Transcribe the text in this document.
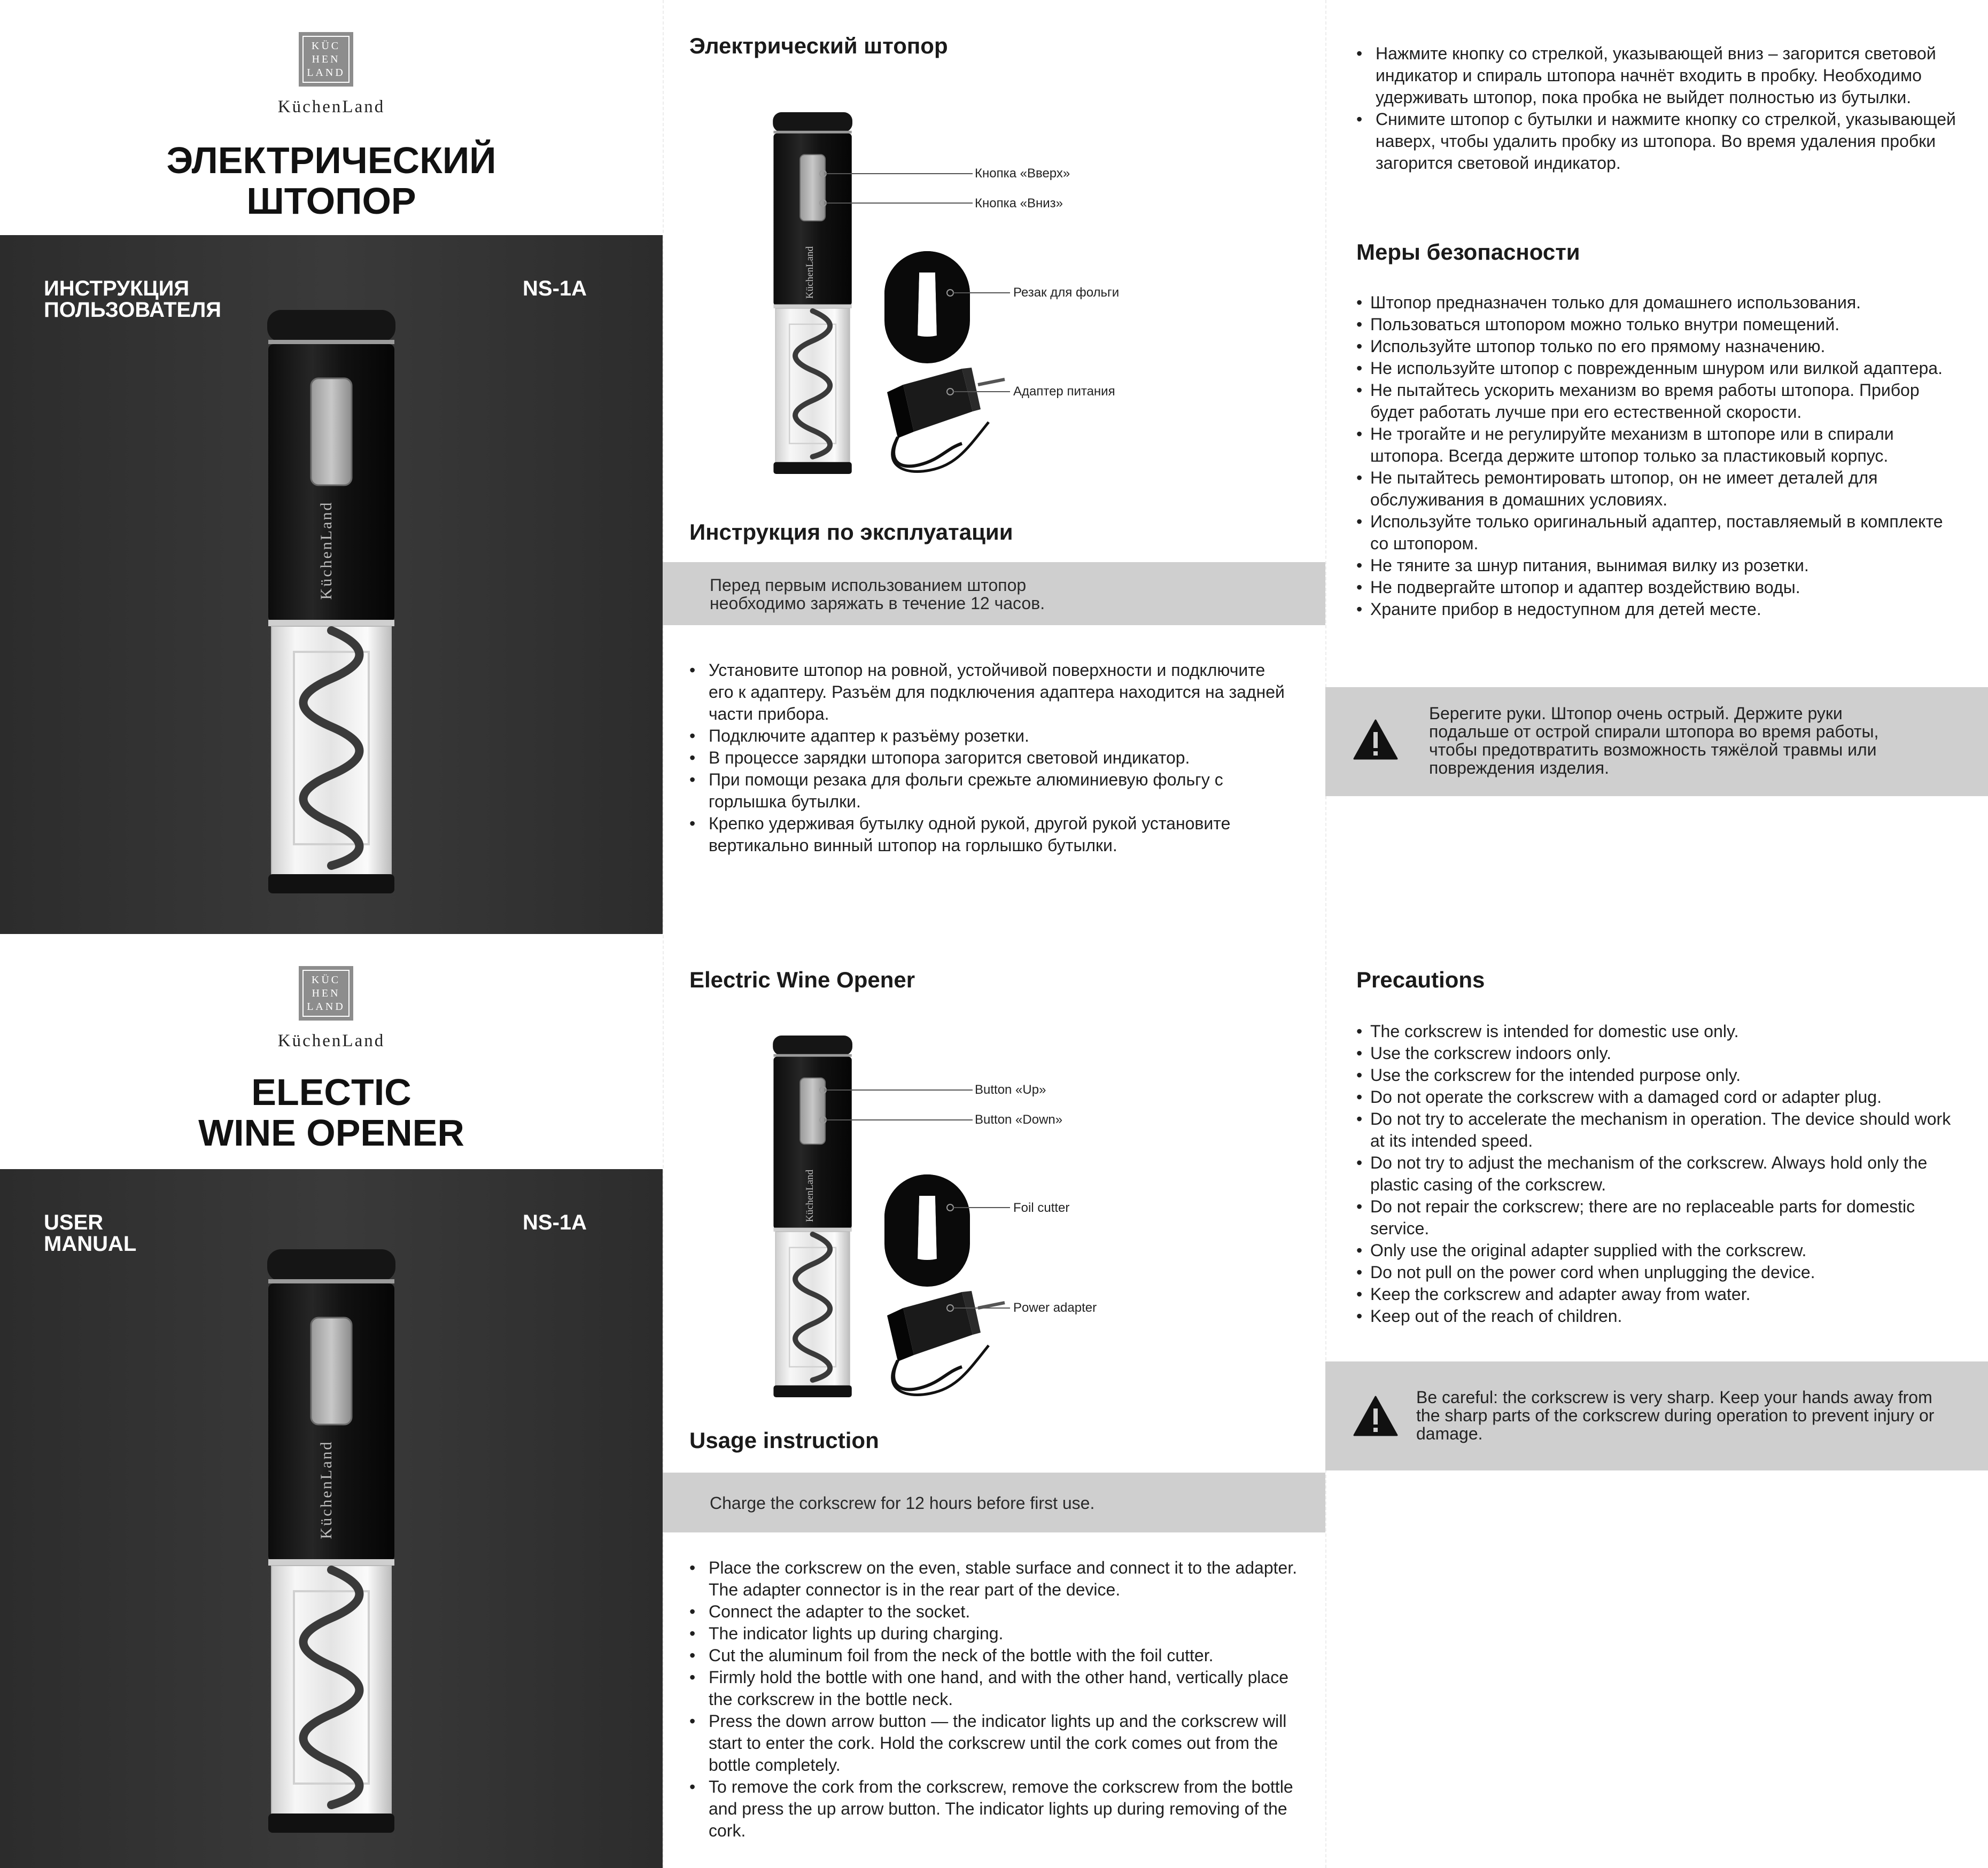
KÜC
HEN
LAND
KüchenLand
ЭЛЕКТРИЧЕСКИЙ
ШТОПОР
ИНСТРУКЦИЯ
ПОЛЬЗОВАТЕЛЯ
NS-1A
KüchenLand
KÜC
HEN
LAND
KüchenLand
ELECTIC
WINE OPENER
USER
MANUAL
NS-1A
KüchenLand
Электрический штопор
KüchenLand
Кнопка «Вверх»
Кнопка «Вниз»
Резак для фольги
Адаптер питания
Инструкция по эксплуатации
Перед первым использованием штопор
необходимо заряжать в течение 12 часов.
• Установите штопор на ровной, устойчивой поверхности и подключите его к адаптеру. Разъём для подключения адаптера находится на задней части прибора.
• Подключите адаптер к разъёму розетки.
• В процессе зарядки штопора загорится световой индикатор.
• При помощи резака для фольги срежьте алюминиевую фольгу с горлышка бутылки.
• Крепко удерживая бутылку одной рукой, другой рукой установите вертикально винный штопор на горлышко бутылки.
• Нажмите кнопку со стрелкой, указывающей вниз – загорится световой индикатор и спираль штопора начнёт входить в пробку. Необходимо удерживать штопор, пока пробка не выйдет полностью из бутылки.
• Снимите штопор с бутылки и нажмите кнопку со стрелкой, указывающей наверх, чтобы удалить пробку из штопора. Во время удаления пробки загорится световой индикатор.
Меры безопасности
• Штопор предназначен только для домашнего использования.
• Пользоваться штопором можно только внутри помещений.
• Используйте штопор только по его прямому назначению.
• Не используйте штопор с поврежденным шнуром или вилкой адаптера.
• Не пытайтесь ускорить механизм во время работы штопора. Прибор будет работать лучше при его естественной скорости.
• Не трогайте и не регулируйте механизм в штопоре или в спирали штопора. Всегда держите штопор только за пластиковый корпус.
• Не пытайтесь ремонтировать штопор, он не имеет деталей для обслуживания в домашних условиях.
• Используйте только оригинальный адаптер, поставляемый в комплекте со штопором.
• Не тяните за шнур питания, вынимая вилку из розетки.
• Не подвергайте штопор и адаптер воздействию воды.
• Храните прибор в недоступном для детей месте.
Берегите руки. Штопор очень острый. Держите руки подальше от острой спирали штопора во время работы, чтобы предотвратить возможность тяжёлой травмы или повреждения изделия.
Electric Wine Opener
KüchenLand
Button «Up»
Button «Down»
Foil cutter
Power adapter
Usage instruction
Charge the corkscrew for 12 hours before first use.
• Place the corkscrew on the even, stable surface and connect it to the adapter. The adapter connector is in the rear part of the device.
• Connect the adapter to the socket.
• The indicator lights up during charging.
• Cut the aluminum foil from the neck of the bottle with the foil cutter.
• Firmly hold the bottle with one hand, and with the other hand, vertically place the corkscrew in the bottle neck.
• Press the down arrow button — the indicator lights up and the corkscrew will start to enter the cork. Hold the corkscrew until the cork comes out from the bottle completely.
• To remove the cork from the corkscrew, remove the corkscrew from the bottle and press the up arrow button. The indicator lights up during removing of the cork.
Precautions
• The corkscrew is intended for domestic use only.
• Use the corkscrew indoors only.
• Use the corkscrew for the intended purpose only.
• Do not operate the corkscrew with a damaged cord or adapter plug.
• Do not try to accelerate the mechanism in operation. The device should work at its intended speed.
• Do not try to adjust the mechanism of the corkscrew. Always hold only the plastic casing of the corkscrew.
• Do not repair the corkscrew; there are no replaceable parts for domestic service.
• Only use the original adapter supplied with the corkscrew.
• Do not pull on the power cord when unplugging the device.
• Keep the corkscrew and adapter away from water.
• Keep out of the reach of children.
Be careful: the corkscrew is very sharp. Keep your hands away from the sharp parts of the corkscrew during operation to prevent injury or damage.
